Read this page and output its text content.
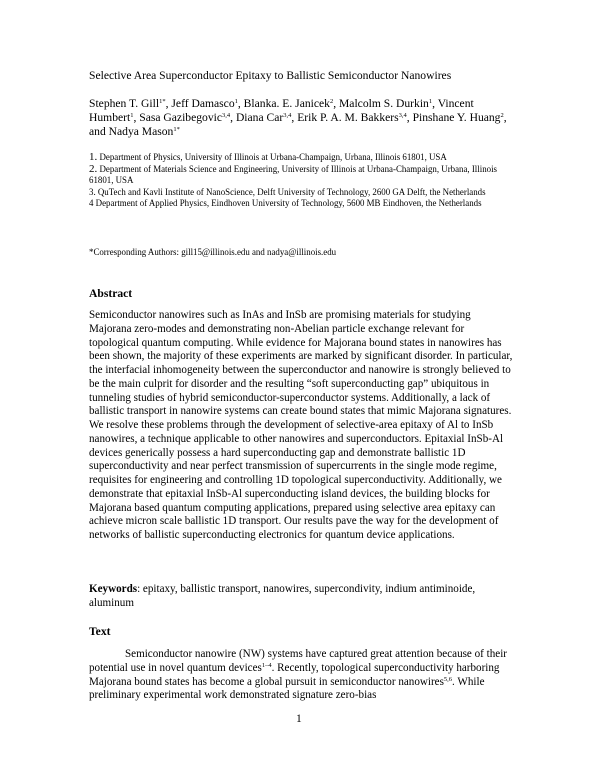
Selective Area Superconductor Epitaxy to Ballistic Semiconductor Nanowires
Stephen T. Gill$^{1*}$, Jeff Damasco$^1$, Blanka. E. Janicek$^2$, Malcolm S. Durkin$^1$, Vincent Humbert$^1$, Sasa Gazibegovic$^{3,4}$, Diana Car$^{3,4}$, Erik P. A. M. Bakkers$^{3,4}$, Pinshane Y. Huang$^2$, and Nadya Mason$^{1*}$

1. Department of Physics, University of Illinois at Urbana-Champaign, Urbana, Illinois 61801, USA

2. Department of Materials Science and Engineering, University of Illinois at Urbana-Champaign, Urbana, Illinois 61801, USA

3. QuTech and Kavli Institute of NanoScience, Delft University of Technology, 2600 GA Delft, the Netherlands

4 Department of Applied Physics, Eindhoven University of Technology, 5600 MB Eindhoven, the Netherlands

*Corresponding Authors: gill15@illinois.edu and nadya@illinois.edu
Abstract

Semiconductor nanowires such as InAs and InSb are promising materials for studying Majorana zero-modes and demonstrating non-Abelian particle exchange relevant for topological quantum computing. While evidence for Majorana bound states in nanowires has been shown, the majority of these experiments are marked by significant disorder. In particular, the interfacial inhomogeneity between the superconductor and nanowire is strongly believed to be the main culprit for disorder and the resulting “soft superconducting gap” ubiquitous in tunneling studies of hybrid semiconductor-superconductor systems. Additionally, a lack of ballistic transport in nanowire systems can create bound states that mimic Majorana signatures. We resolve these problems through the development of selective-area epitaxy of Al to InSb nanowires, a technique applicable to other nanowires and superconductors. Epitaxial InSb-Al devices generically possess a hard superconducting gap and demonstrate ballistic 1D superconductivity and near perfect transmission of supercurrents in the single mode regime, requisites for engineering and controlling 1D topological superconductivity. Additionally, we demonstrate that epitaxial InSb-Al superconducting island devices, the building blocks for Majorana based quantum computing applications, prepared using selective area epitaxy can achieve micron scale ballistic 1D transport. Our results pave the way for the development of networks of ballistic superconducting electronics for quantum device applications.

Keywords: epitaxy, ballistic transport, nanowires, supercondivity, indium antiminoide, aluminum

Text

Semiconductor nanowire (NW) systems have captured great attention because of their potential use in novel quantum devices$^{1-4}$. Recently, topological superconductivity harboring Majorana bound states has become a global pursuit in semiconductor nanowires$^{5,6}$. While preliminary experimental work demonstrated signature zero-bias

1
